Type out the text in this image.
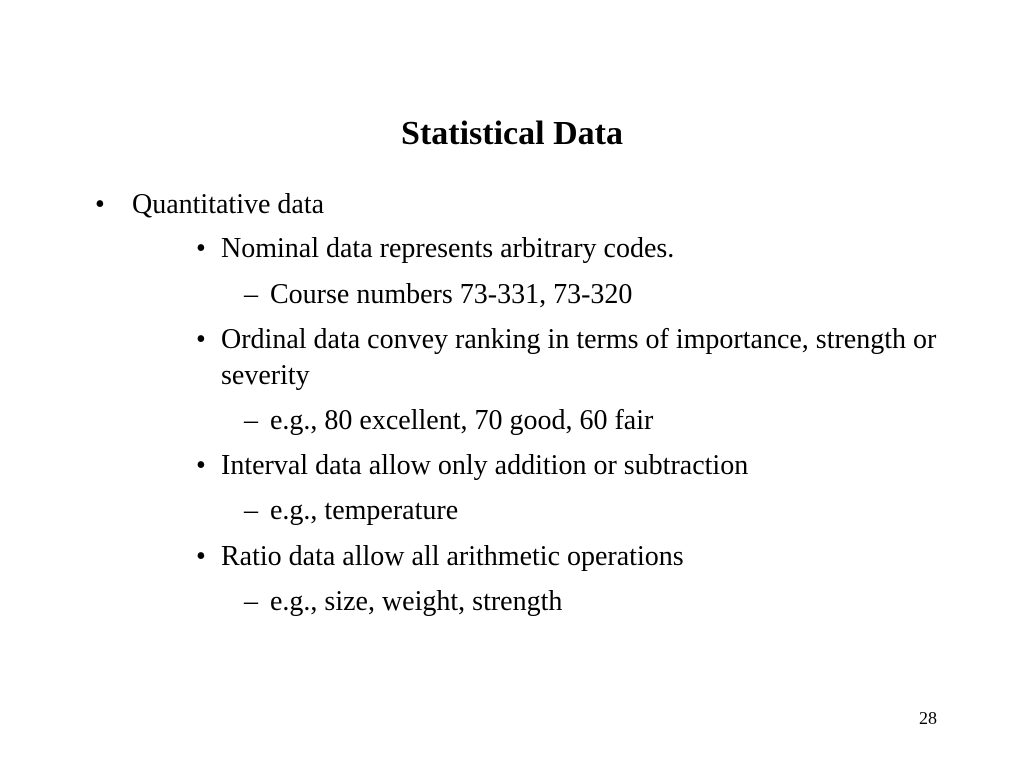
Statistical Data
• Quantitative data
• Nominal data represents arbitrary codes.
– Course numbers 73-331, 73-320
• Ordinal data convey ranking in terms of importance, strength or severity
– e.g., 80 excellent, 70 good, 60 fair
• Interval data allow only addition or subtraction
– e.g., temperature
• Ratio data allow all arithmetic operations
– e.g., size, weight, strength
28
